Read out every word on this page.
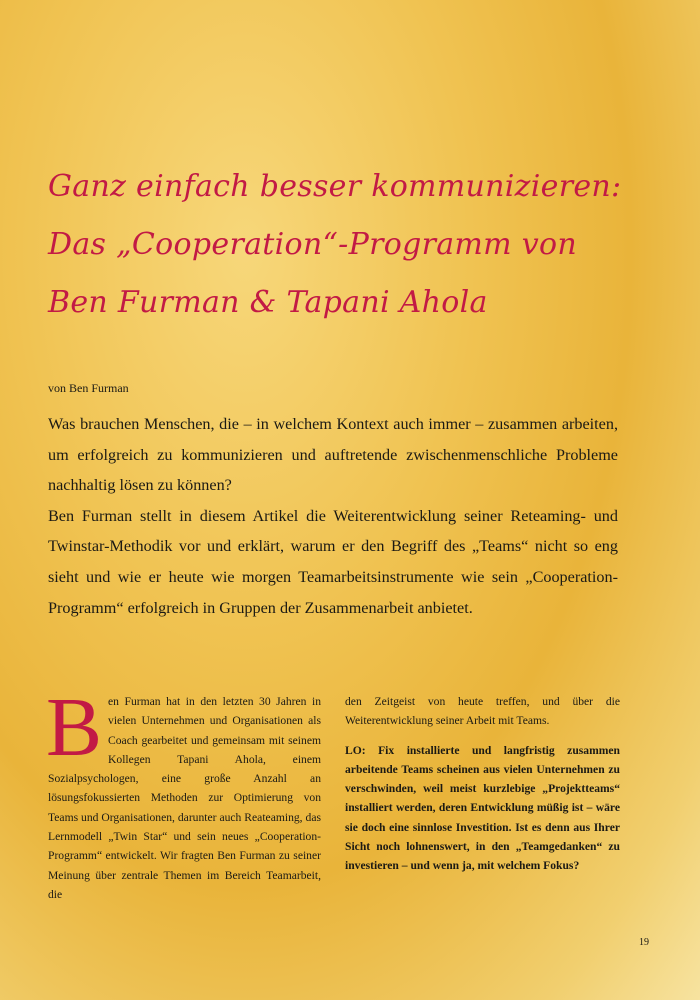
Ganz einfach besser kommunizieren:
Das „Cooperation“-Programm von
Ben Furman & Tapani Ahola
von Ben Furman

Was brauchen Menschen, die – in welchem Kontext auch immer – zusammen arbeiten, um erfolgreich zu kommunizieren und auftretende zwischenmenschliche Probleme nachhaltig lösen zu können?

Ben Furman stellt in diesem Artikel die Weiterentwicklung seiner Reteaming- und Twinstar-Methodik vor und erklärt, warum er den Begriff des „Teams“ nicht so eng sieht und wie er heute wie morgen Teamarbeitsinstrumente wie sein „Cooperation-Programm“ erfolgreich in Gruppen der Zusammenarbeit anbietet.

B en Furman hat in den letzten 30 Jahren in vielen Unternehmen und Organisationen als Coach gearbeitet und gemeinsam mit seinem Kollegen Tapani Ahola, einem Sozialpsychologen, eine große Anzahl an lösungsfokussierten Methoden zur Optimierung von Teams und Organisationen, darunter auch Reateaming, das Lernmodell „Twin Star“ und sein neues „Cooperation-Programm“ entwickelt. Wir fragten Ben Furman zu seiner Meinung über zentrale Themen im Bereich Teamarbeit, die

den Zeitgeist von heute treffen, und über die Weiterentwicklung seiner Arbeit mit Teams.

LO: Fix installierte und langfristig zusammen arbeitende Teams scheinen aus vielen Unternehmen zu verschwinden, weil meist kurzlebige „Projektteams“ installiert werden, deren Entwicklung müßig ist – wäre sie doch eine sinnlose Investition. Ist es denn aus Ihrer Sicht noch lohnenswert, in den „Teamgedanken“ zu investieren – und wenn ja, mit welchem Fokus?

19
